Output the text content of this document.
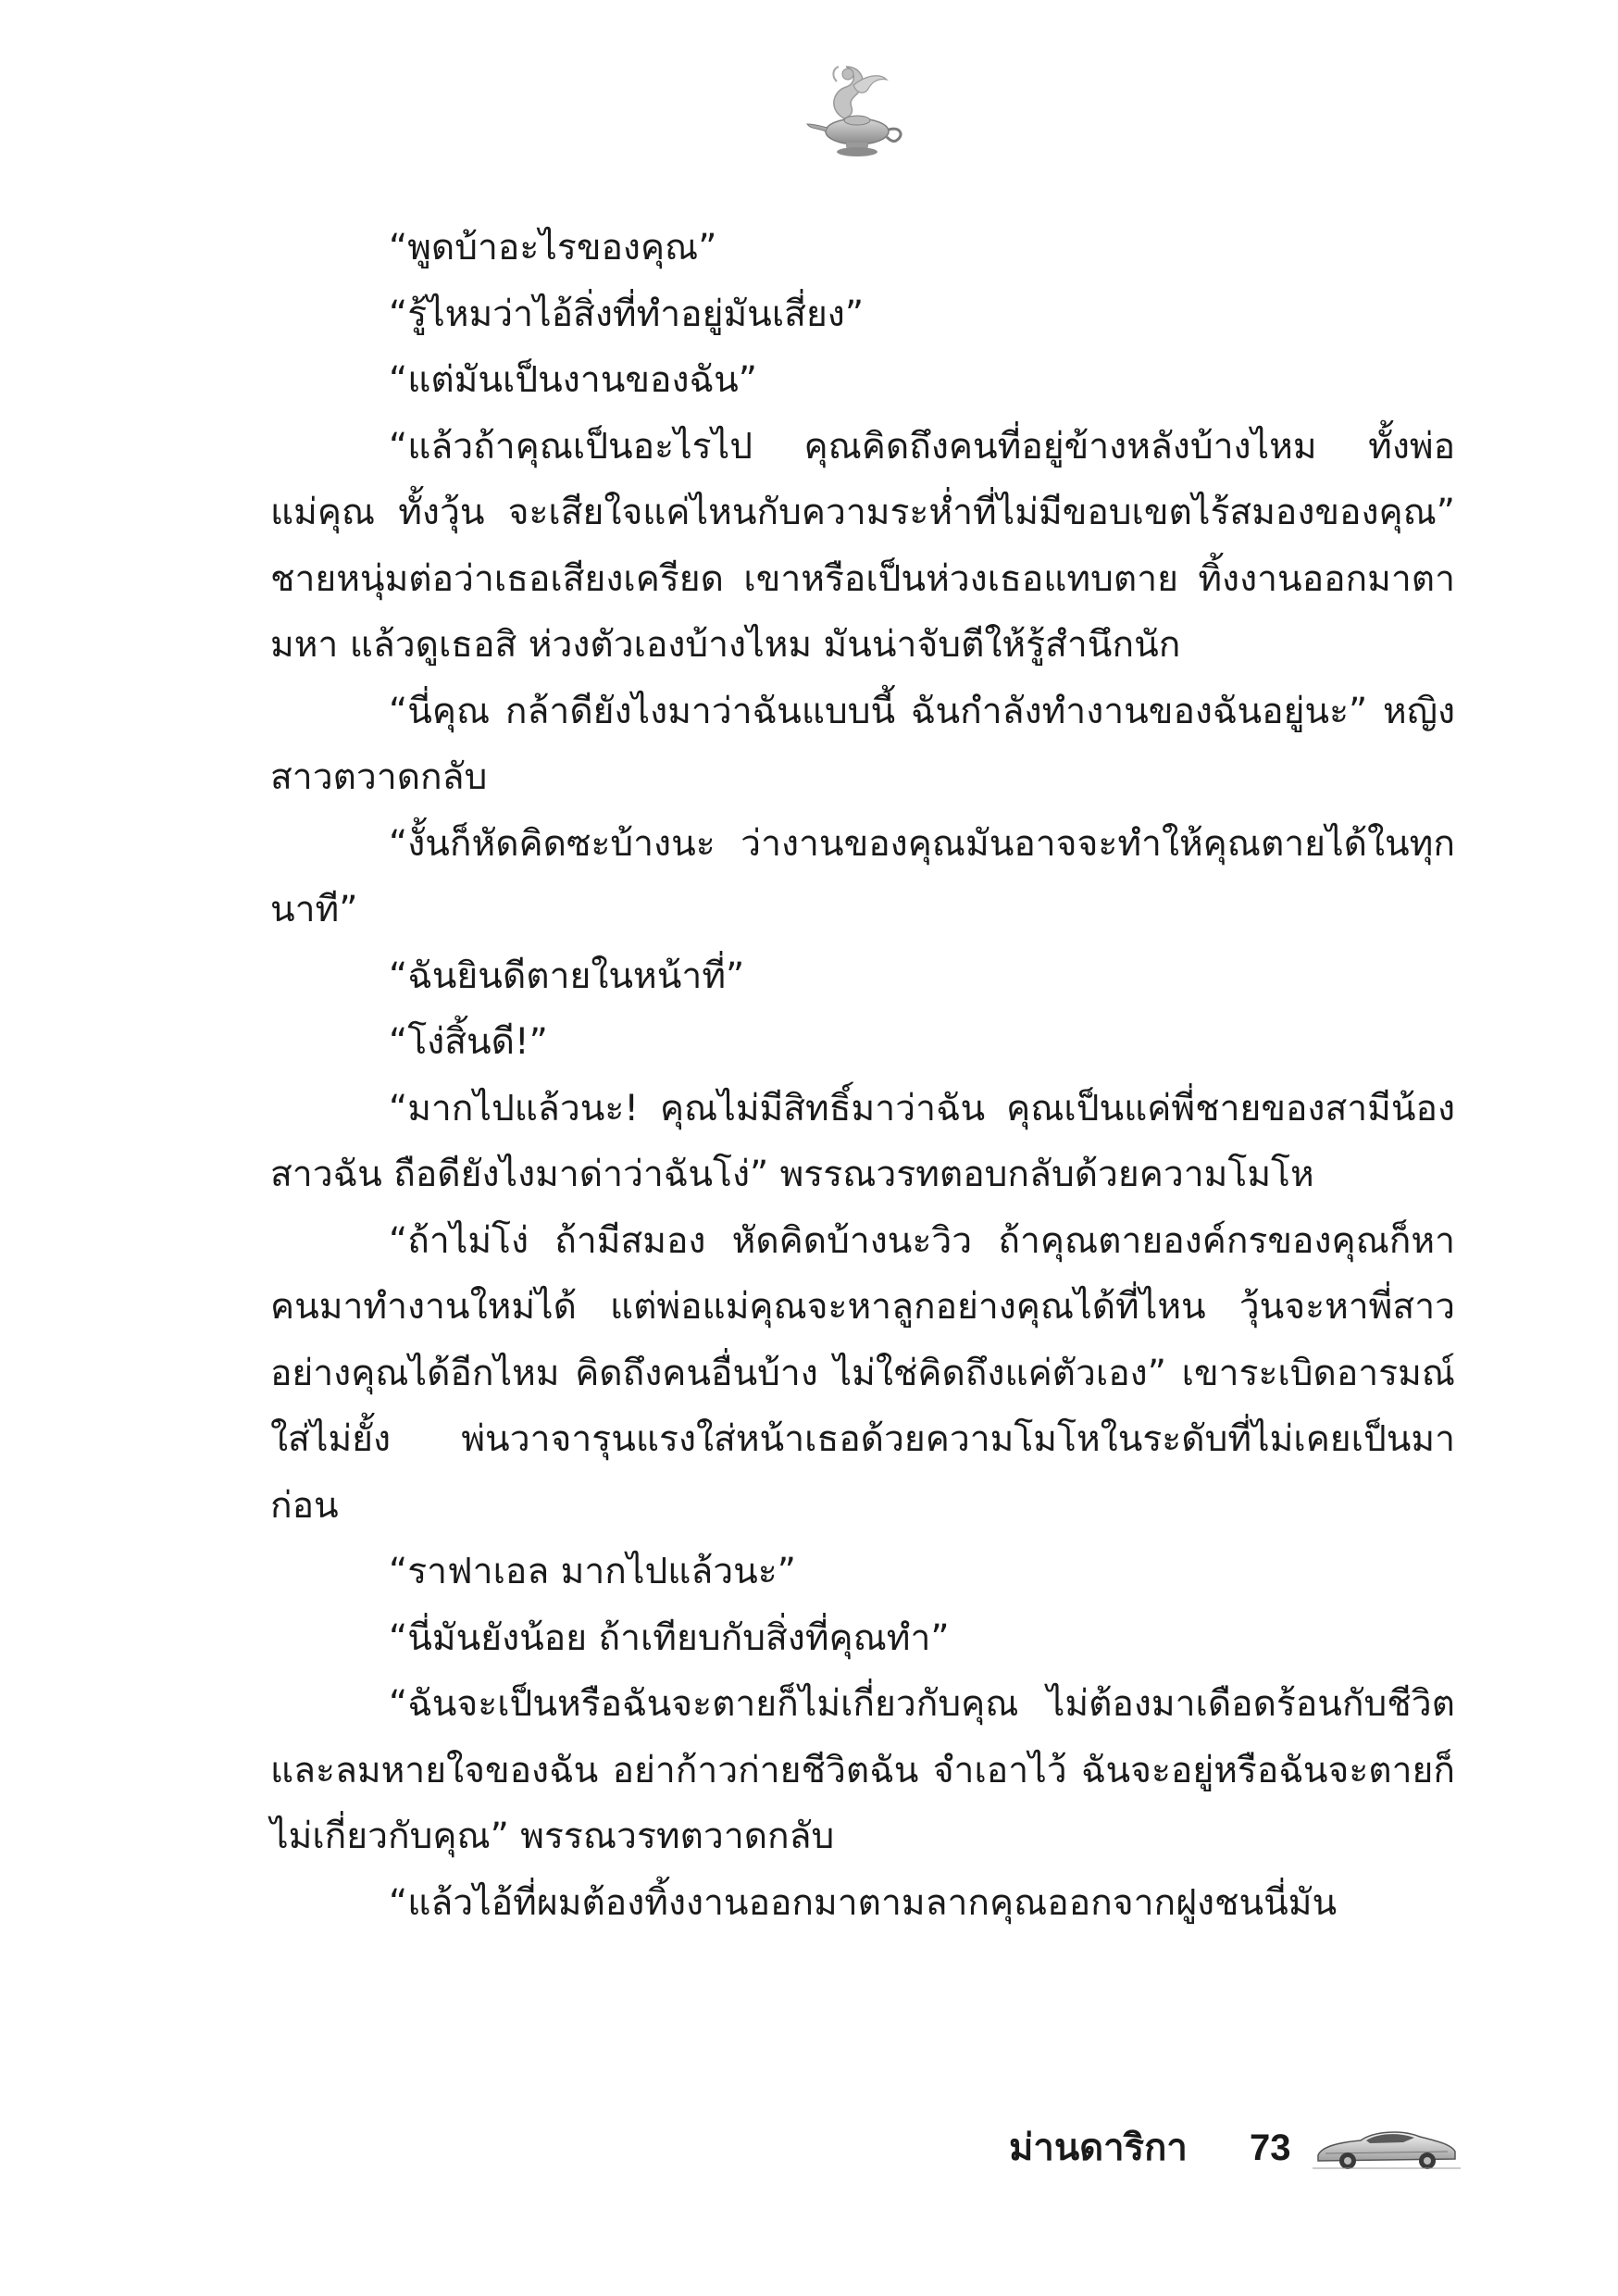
“พูดบ้าอะไรของคุณ”

“รู้ไหมว่าไอ้สิ่งที่ทำอยู่มันเสี่ยง”

“แต่มันเป็นงานของฉัน”

“แล้วถ้าคุณเป็นอะไรไป คุณคิดถึงคนที่อยู่ข้างหลังบ้างไหม ทั้งพ่อแม่คุณ ทั้งวุ้น จะเสียใจแค่ไหนกับความระห่ำที่ไม่มีขอบเขตไร้สมองของคุณ” ชายหนุ่มต่อว่าเธอเสียงเครียด เขาหรือเป็นห่วงเธอแทบตาย ทิ้งงานออกมาตามหา แล้วดูเธอสิ ห่วงตัวเองบ้างไหม มันน่าจับตีให้รู้สำนึกนัก

“นี่คุณ กล้าดียังไงมาว่าฉันแบบนี้ ฉันกำลังทำงานของฉันอยู่นะ” หญิงสาวตวาดกลับ

“งั้นก็หัดคิดซะบ้างนะ ว่างานของคุณมันอาจจะทำให้คุณตายได้ในทุกนาที”

“ฉันยินดีตายในหน้าที่”

“โง่สิ้นดี!”

“มากไปแล้วนะ! คุณไม่มีสิทธิ์มาว่าฉัน คุณเป็นแค่พี่ชายของสามีน้องสาวฉัน ถือดียังไงมาด่าว่าฉันโง่” พรรณวรทตอบกลับด้วยความโมโห

“ถ้าไม่โง่ ถ้ามีสมอง หัดคิดบ้างนะวิว ถ้าคุณตายองค์กรของคุณก็หาคนมาทำงานใหม่ได้ แต่พ่อแม่คุณจะหาลูกอย่างคุณได้ที่ไหน วุ้นจะหาพี่สาวอย่างคุณได้อีกไหม คิดถึงคนอื่นบ้าง ไม่ใช่คิดถึงแค่ตัวเอง” เขาระเบิดอารมณ์ใส่ไม่ยั้ง พ่นวาจารุนแรงใส่หน้าเธอด้วยความโมโหในระดับที่ไม่เคยเป็นมาก่อน

“ราฟาเอล มากไปแล้วนะ”

“นี่มันยังน้อย ถ้าเทียบกับสิ่งที่คุณทำ”

“ฉันจะเป็นหรือฉันจะตายก็ไม่เกี่ยวกับคุณ ไม่ต้องมาเดือดร้อนกับชีวิตและลมหายใจของฉัน อย่าก้าวก่ายชีวิตฉัน จำเอาไว้ ฉันจะอยู่หรือฉันจะตายก็ไม่เกี่ยวกับคุณ” พรรณวรทตวาดกลับ

“แล้วไอ้ที่ผมต้องทิ้งงานออกมาตามลากคุณออกจากฝูงชนนี่มัน

ม่านดาริกา 73
